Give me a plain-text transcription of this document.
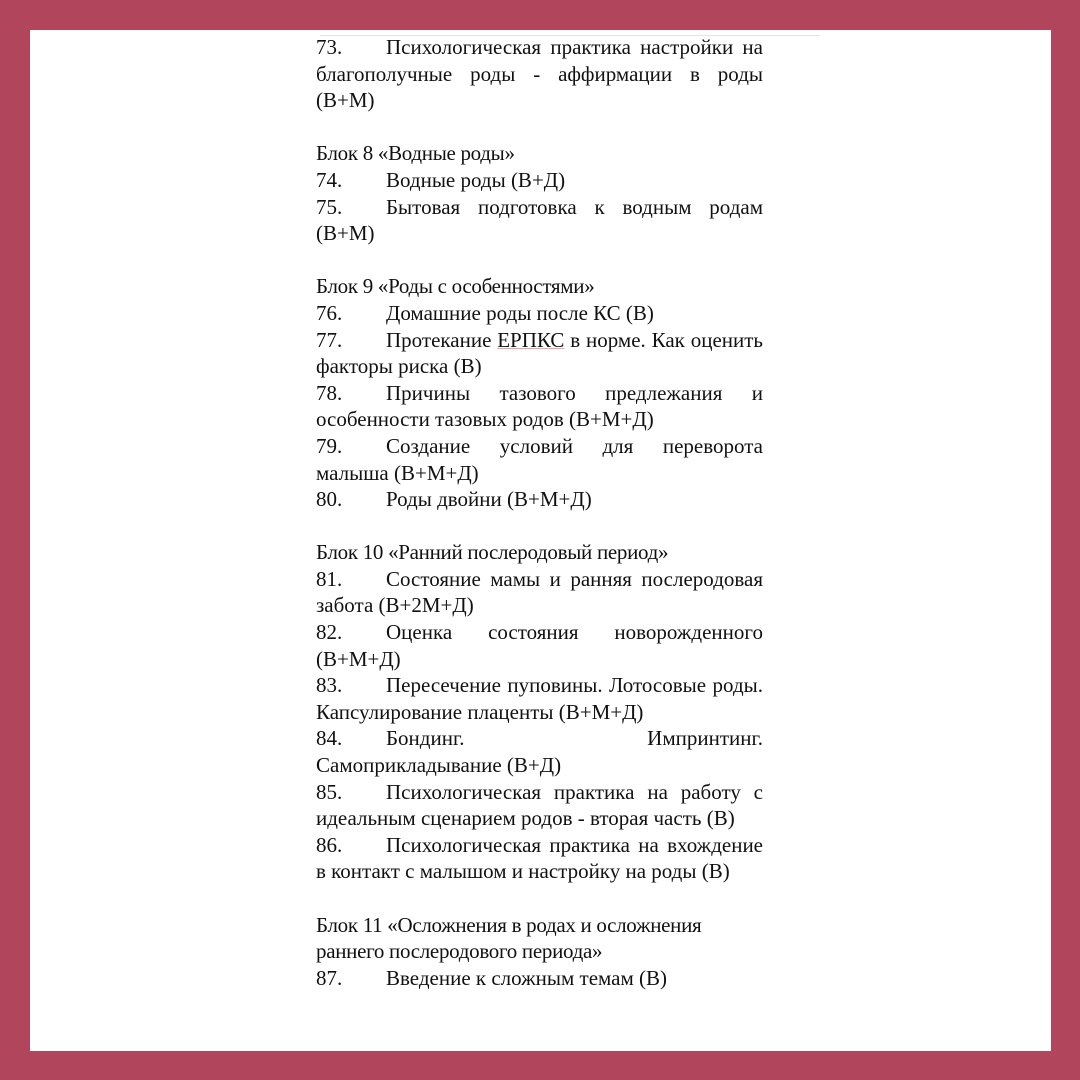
73. Психологическая практика настройки на благополучные роды - аффирмации в роды (В+М)

Блок 8 «Водные роды»

74. Водные роды (В+Д)

75. Бытовая подготовка к водным родам (В+М)

Блок 9 «Роды с особенностями»

76. Домашние роды после КС (В)

77. Протекание ЕРПКС в норме. Как оценить факторы риска (В)

78. Причины тазового предлежания и особенности тазовых родов (В+М+Д)

79. Создание условий для переворота малыша (В+М+Д)

80. Роды двойни (В+М+Д)

Блок 10 «Ранний послеродовый период»

81. Состояние мамы и ранняя послеродовая забота (В+2М+Д)

82. Оценка состояния новорожденного (В+М+Д)

83. Пересечение пуповины. Лотосовые роды. Капсулирование плаценты (В+М+Д)

84. Бондинг. Импринтинг. Самоприкладывание (В+Д)

85. Психологическая практика на работу с идеальным сценарием родов - вторая часть (В)

86. Психологическая практика на вхождение в контакт с малышом и настройку на роды (В)

Блок 11 «Осложнения в родах и осложнения раннего послеродового периода»

87. Введение к сложным темам (В)
